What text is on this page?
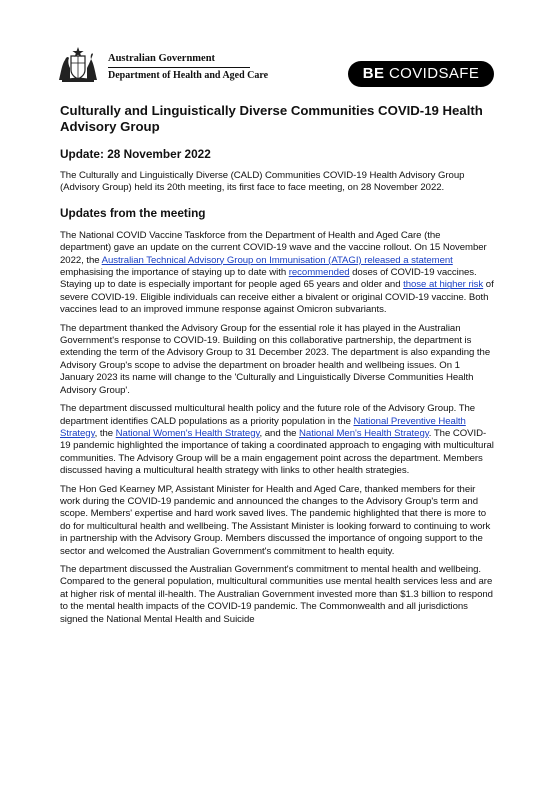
Australian Government
Department of Health and Aged Care	BE COVIDSAFE
Culturally and Linguistically Diverse Communities COVID-19 Health Advisory Group
Update: 28 November 2022

The Culturally and Linguistically Diverse (CALD) Communities COVID-19 Health Advisory Group (Advisory Group) held its 20th meeting, its first face to face meeting, on 28 November 2022.

Updates from the meeting

The National COVID Vaccine Taskforce from the Department of Health and Aged Care (the department) gave an update on the current COVID-19 wave and the vaccine rollout. On 15 November 2022, the Australian Technical Advisory Group on Immunisation (ATAGI) released a statement emphasising the importance of staying up to date with recommended doses of COVID-19 vaccines. Staying up to date is especially important for people aged 65 years and older and those at higher risk of severe COVID-19. Eligible individuals can receive either a bivalent or original COVID-19 vaccine. Both vaccines lead to an improved immune response against Omicron subvariants.

The department thanked the Advisory Group for the essential role it has played in the Australian Government's response to COVID-19. Building on this collaborative partnership, the department is extending the term of the Advisory Group to 31 December 2023. The department is also expanding the Advisory Group's scope to advise the department on broader health and wellbeing issues. On 1 January 2023 its name will change to the 'Culturally and Linguistically Diverse Communities Health Advisory Group'.

The department discussed multicultural health policy and the future role of the Advisory Group. The department identifies CALD populations as a priority population in the National Preventive Health Strategy, the National Women's Health Strategy, and the National Men's Health Strategy. The COVID-19 pandemic highlighted the importance of taking a coordinated approach to engaging with multicultural communities. The Advisory Group will be a main engagement point across the department. Members discussed having a multicultural health strategy with links to other health strategies.

The Hon Ged Kearney MP, Assistant Minister for Health and Aged Care, thanked members for their work during the COVID-19 pandemic and announced the changes to the Advisory Group's term and scope. Members' expertise and hard work saved lives. The pandemic highlighted that there is more to do for multicultural health and wellbeing. The Assistant Minister is looking forward to continuing to work in partnership with the Advisory Group. Members discussed the importance of ongoing support to the sector and welcomed the Australian Government's commitment to health equity.

The department discussed the Australian Government's commitment to mental health and wellbeing. Compared to the general population, multicultural communities use mental health services less and are at higher risk of mental ill-health. The Australian Government invested more than $1.3 billion to respond to the mental health impacts of the COVID-19 pandemic. The Commonwealth and all jurisdictions signed the National Mental Health and Suicide
